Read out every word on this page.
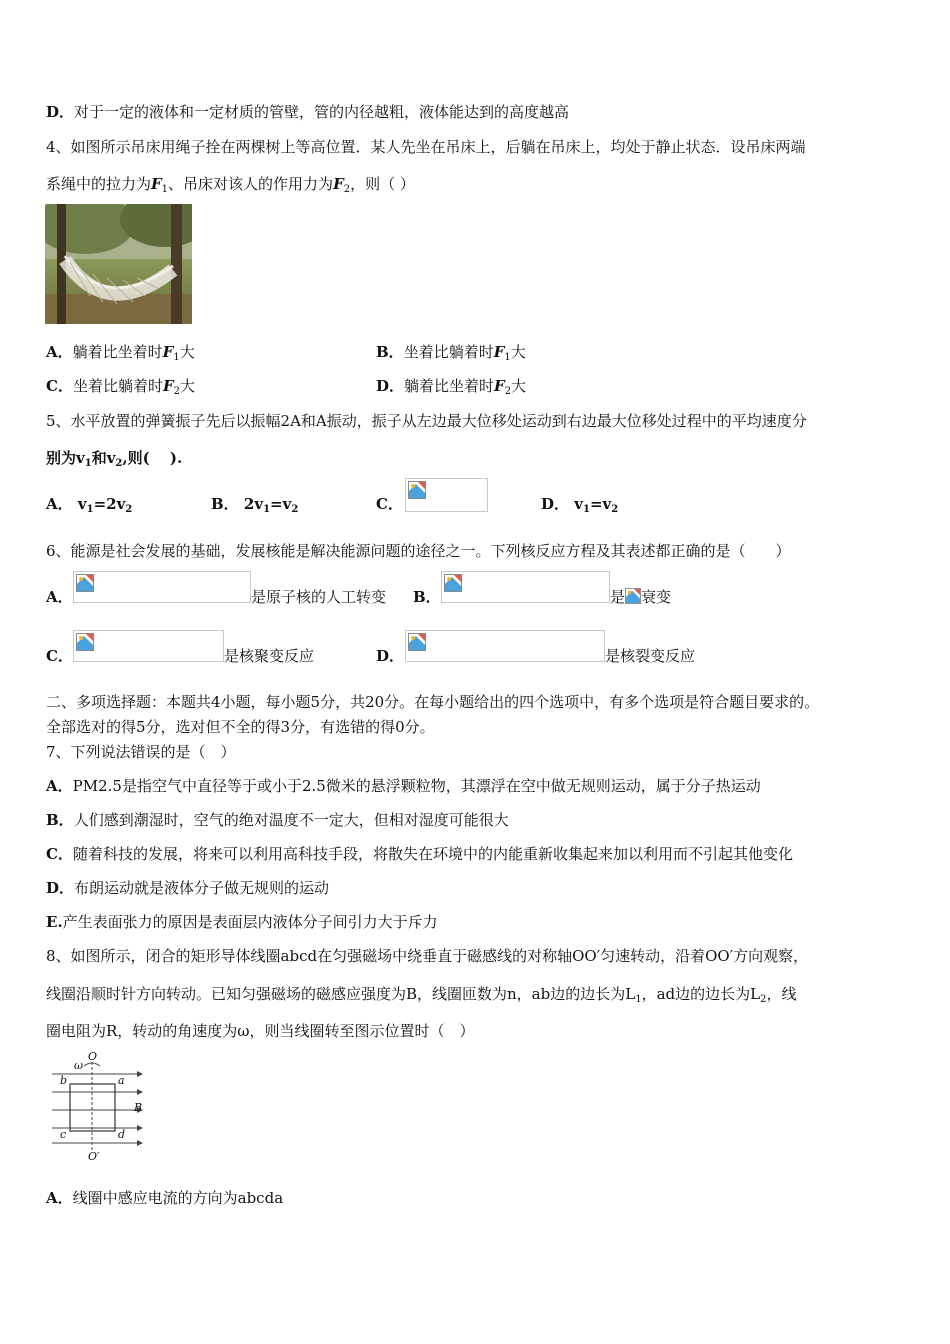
D．对于一定的液体和一定材质的管壁，管的内径越粗，液体能达到的高度越高
4、如图所示吊床用绳子拴在两棵树上等高位置．某人先坐在吊床上，后躺在吊床上，均处于静止状态．设吊床两端
系绳中的拉力为$F_1$、吊床对该人的作用力为$F_2$，则（ ）
A．躺着比坐着时$F_1$大	B．坐着比躺着时$F_1$大
C．坐着比躺着时$F_2$大	D．躺着比坐着时$F_2$大
5、水平放置的弹簧振子先后以振幅2A和A振动，振子从左边最大位移处运动到右边最大位移处过程中的平均速度分
别为$v_1$和$v_2$,则(　 ).
A． $v_1=2v_2$	B． $2v_1=v_2$	C．	D． $v_1=v_2$
6、能源是社会发展的基础，发展核能是解决能源问题的途径之一。下列核反应方程及其表述都正确的是（　　）
A．	是原子核的人工转变 B．	是 衰变
C．	是核聚变反应	D．	是核裂变反应
二、多项选择题：本题共4小题，每小题5分，共20分。在每小题给出的四个选项中，有多个选项是符合题目要求的。
全部选对的得5分，选对但不全的得3分，有选错的得0分。
7、下列说法错误的是（　）
A．PM2.5是指空气中直径等于或小于2.5微米的悬浮颗粒物，其漂浮在空中做无规则运动，属于分子热运动
B．人们感到潮湿时，空气的绝对温度不一定大，但相对湿度可能很大
C．随着科技的发展，将来可以利用高科技手段，将散失在环境中的内能重新收集起来加以利用而不引起其他变化
D．布朗运动就是液体分子做无规则的运动
E.产生表面张力的原因是表面层内液体分子间引力大于斥力
8、如图所示，闭合的矩形导体线圈abcd在匀强磁场中绕垂直于磁感线的对称轴OO′匀速转动，沿着OO′方向观察，
线圈沿顺时针方向转动。已知匀强磁场的磁感应强度为B，线圈匝数为n，ab边的边长为$L_1$，ad边的边长为$L_2$，线
圈电阻为R，转动的角速度为ω，则当线圈转至图示位置时（　）
O
ω
b	a
B
c	d
O′
A．线圈中感应电流的方向为abcda
